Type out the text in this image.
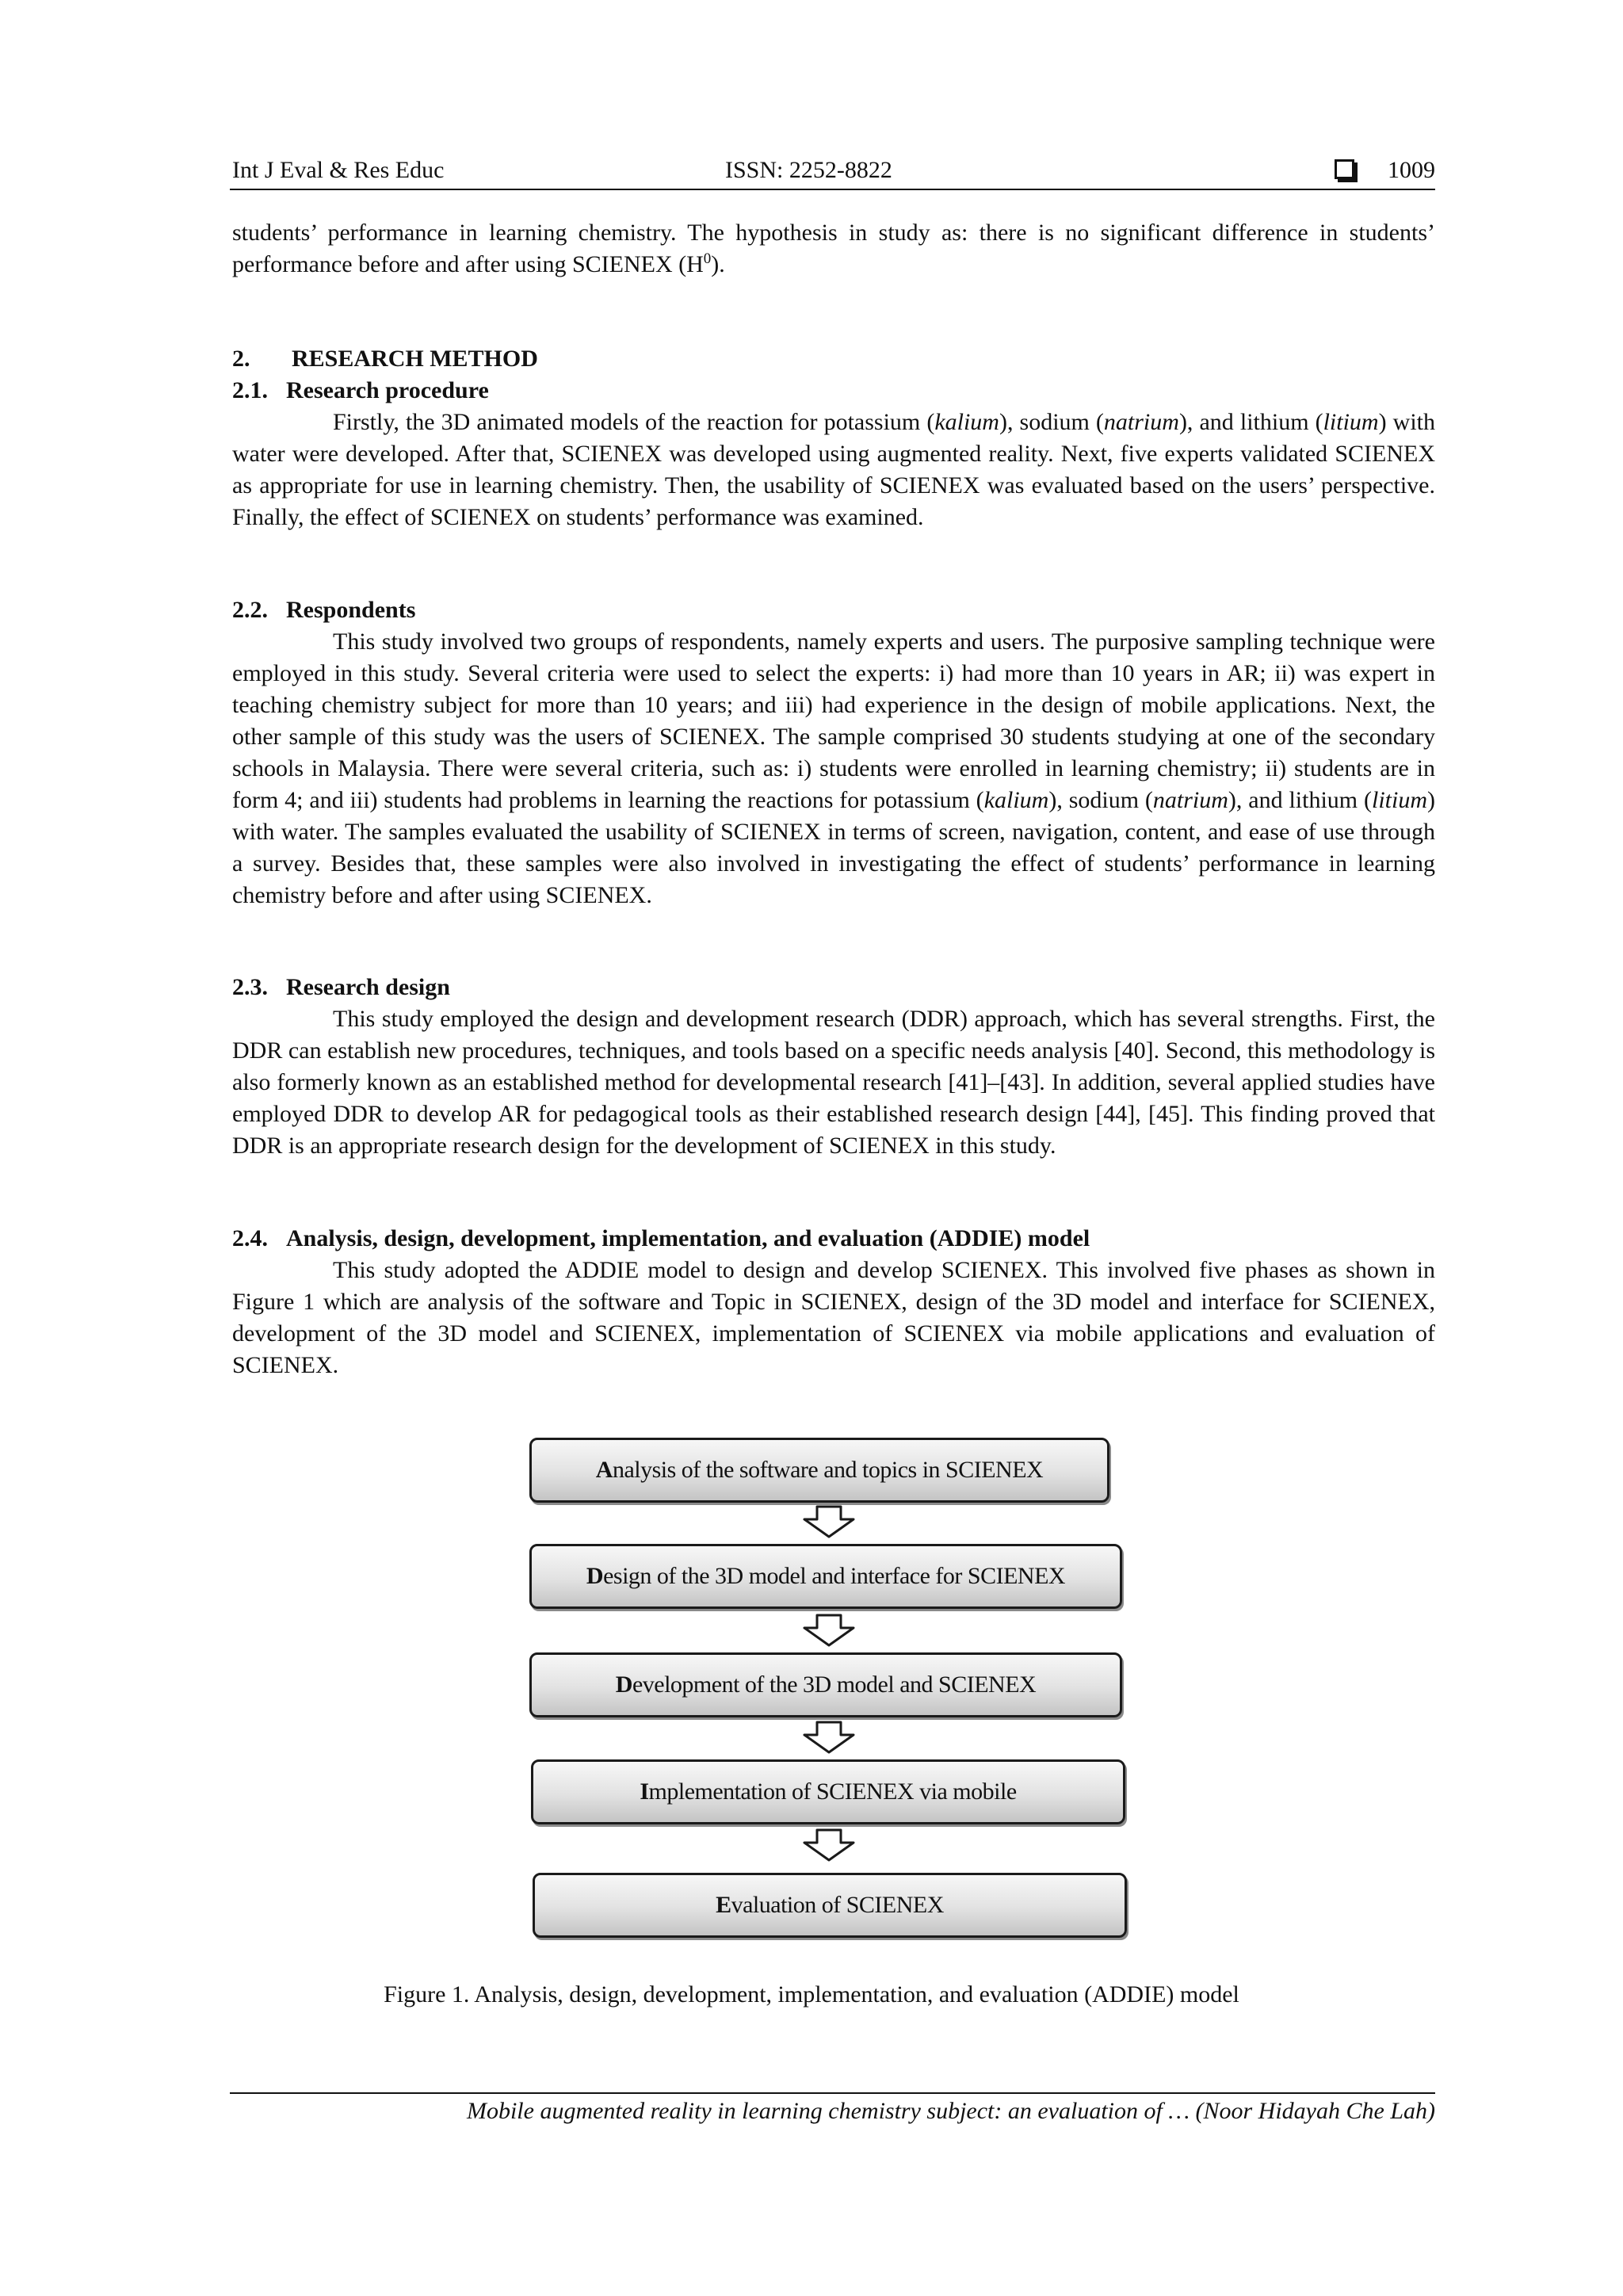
Int J Eval & Res Educ	ISSN: 2252-8822	1009

students’ performance in learning chemistry. The hypothesis in study as: there is no significant difference in students’ performance before and after using SCIENEX $(H^0)$.

2. RESEARCH METHOD
2.1. Research procedure

Firstly, the 3D animated models of the reaction for potassium (kalium), sodium (natrium), and lithium (litium) with water were developed. After that, SCIENEX was developed using augmented reality. Next, five experts validated SCIENEX as appropriate for use in learning chemistry. Then, the usability of SCIENEX was evaluated based on the users’ perspective. Finally, the effect of SCIENEX on students’ performance was examined.

2.2. Respondents

This study involved two groups of respondents, namely experts and users. The purposive sampling technique were employed in this study. Several criteria were used to select the experts: i) had more than 10 years in AR; ii) was expert in teaching chemistry subject for more than 10 years; and iii) had experience in the design of mobile applications. Next, the other sample of this study was the users of SCIENEX. The sample comprised 30 students studying at one of the secondary schools in Malaysia. There were several criteria, such as: i) students were enrolled in learning chemistry; ii) students are in form 4; and iii) students had problems in learning the reactions for potassium (kalium), sodium (natrium), and lithium (litium) with water. The samples evaluated the usability of SCIENEX in terms of screen, navigation, content, and ease of use through a survey. Besides that, these samples were also involved in investigating the effect of students’ performance in learning chemistry before and after using SCIENEX.

2.3. Research design

This study employed the design and development research (DDR) approach, which has several strengths. First, the DDR can establish new procedures, techniques, and tools based on a specific needs analysis [40]. Second, this methodology is also formerly known as an established method for developmental research [41]–[43]. In addition, several applied studies have employed DDR to develop AR for pedagogical tools as their established research design [44], [45]. This finding proved that DDR is an appropriate research design for the development of SCIENEX in this study.

2.4. Analysis, design, development, implementation, and evaluation (ADDIE) model

This study adopted the ADDIE model to design and develop SCIENEX. This involved five phases as shown in Figure 1 which are analysis of the software and Topic in SCIENEX, design of the 3D model and interface for SCIENEX, development of the 3D model and SCIENEX, implementation of SCIENEX via mobile applications and evaluation of SCIENEX.

A nalysis of the software and topics in SCIENEX
D esign of the 3D model and interface for SCIENEX
D evelopment of the 3D model and SCIENEX
I mplementation of SCIENEX via mobile
E valuation of SCIENEX
Figure 1. Analysis, design, development, implementation, and evaluation (ADDIE) model
Mobile augmented reality in learning chemistry subject: an evaluation of … (Noor Hidayah Che Lah)
